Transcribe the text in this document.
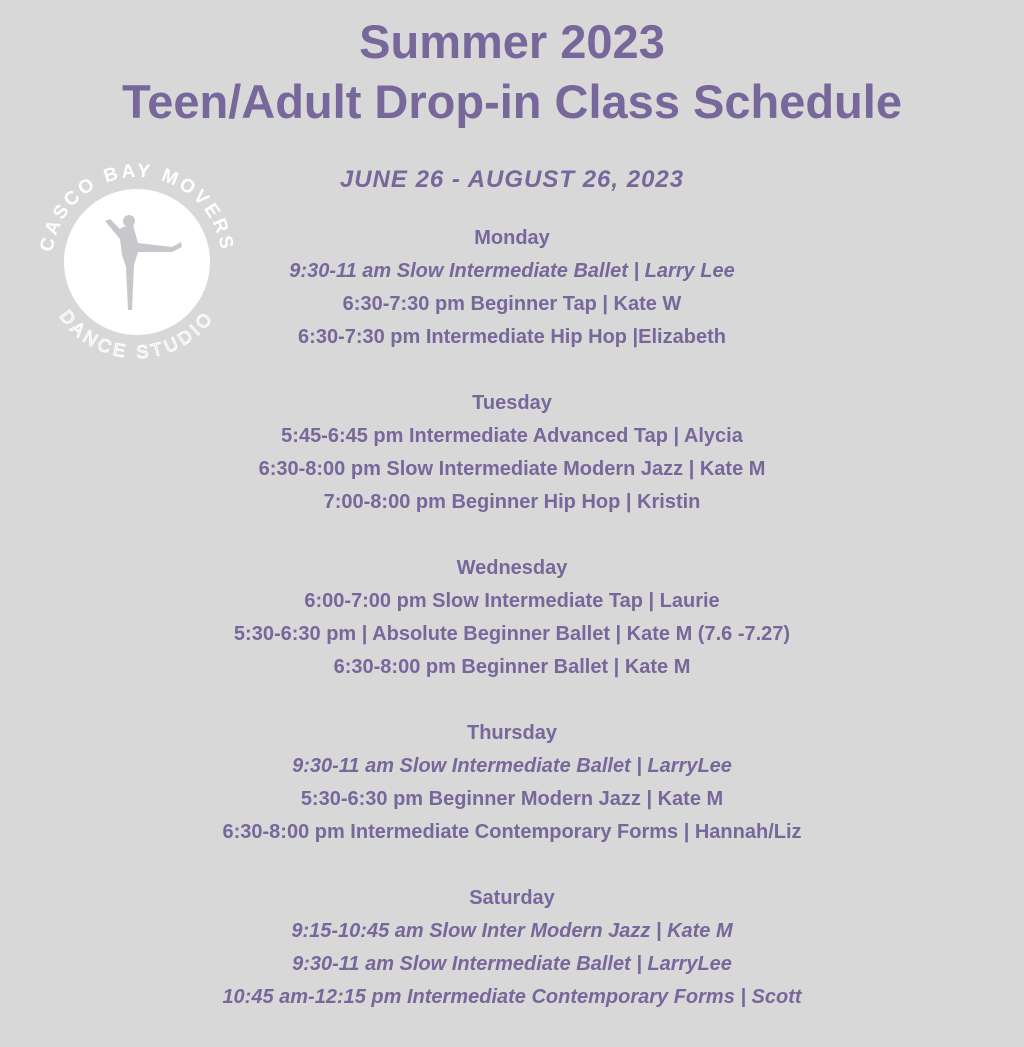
Summer 2023
Teen/Adult Drop-in Class Schedule
CASCO BAY MOVERS
DANCE STUDIO
JUNE 26 - AUGUST 26, 2023
Monday
9:30-11 am Slow Intermediate Ballet | Larry Lee
6:30-7:30 pm Beginner Tap | Kate W
6:30-7:30 pm Intermediate Hip Hop |Elizabeth
Tuesday
5:45-6:45 pm Intermediate Advanced Tap | Alycia
6:30-8:00 pm Slow Intermediate Modern Jazz | Kate M
7:00-8:00 pm Beginner Hip Hop | Kristin
Wednesday
6:00-7:00 pm Slow Intermediate Tap | Laurie
5:30-6:30 pm | Absolute Beginner Ballet | Kate M (7.6 -7.27)
6:30-8:00 pm Beginner Ballet | Kate M
Thursday
9:30-11 am Slow Intermediate Ballet | LarryLee
5:30-6:30 pm Beginner Modern Jazz | Kate M
6:30-8:00 pm Intermediate Contemporary Forms | Hannah/Liz
Saturday
9:15-10:45 am Slow Inter Modern Jazz | Kate M
9:30-11 am Slow Intermediate Ballet | LarryLee
10:45 am-12:15 pm Intermediate Contemporary Forms | Scott
